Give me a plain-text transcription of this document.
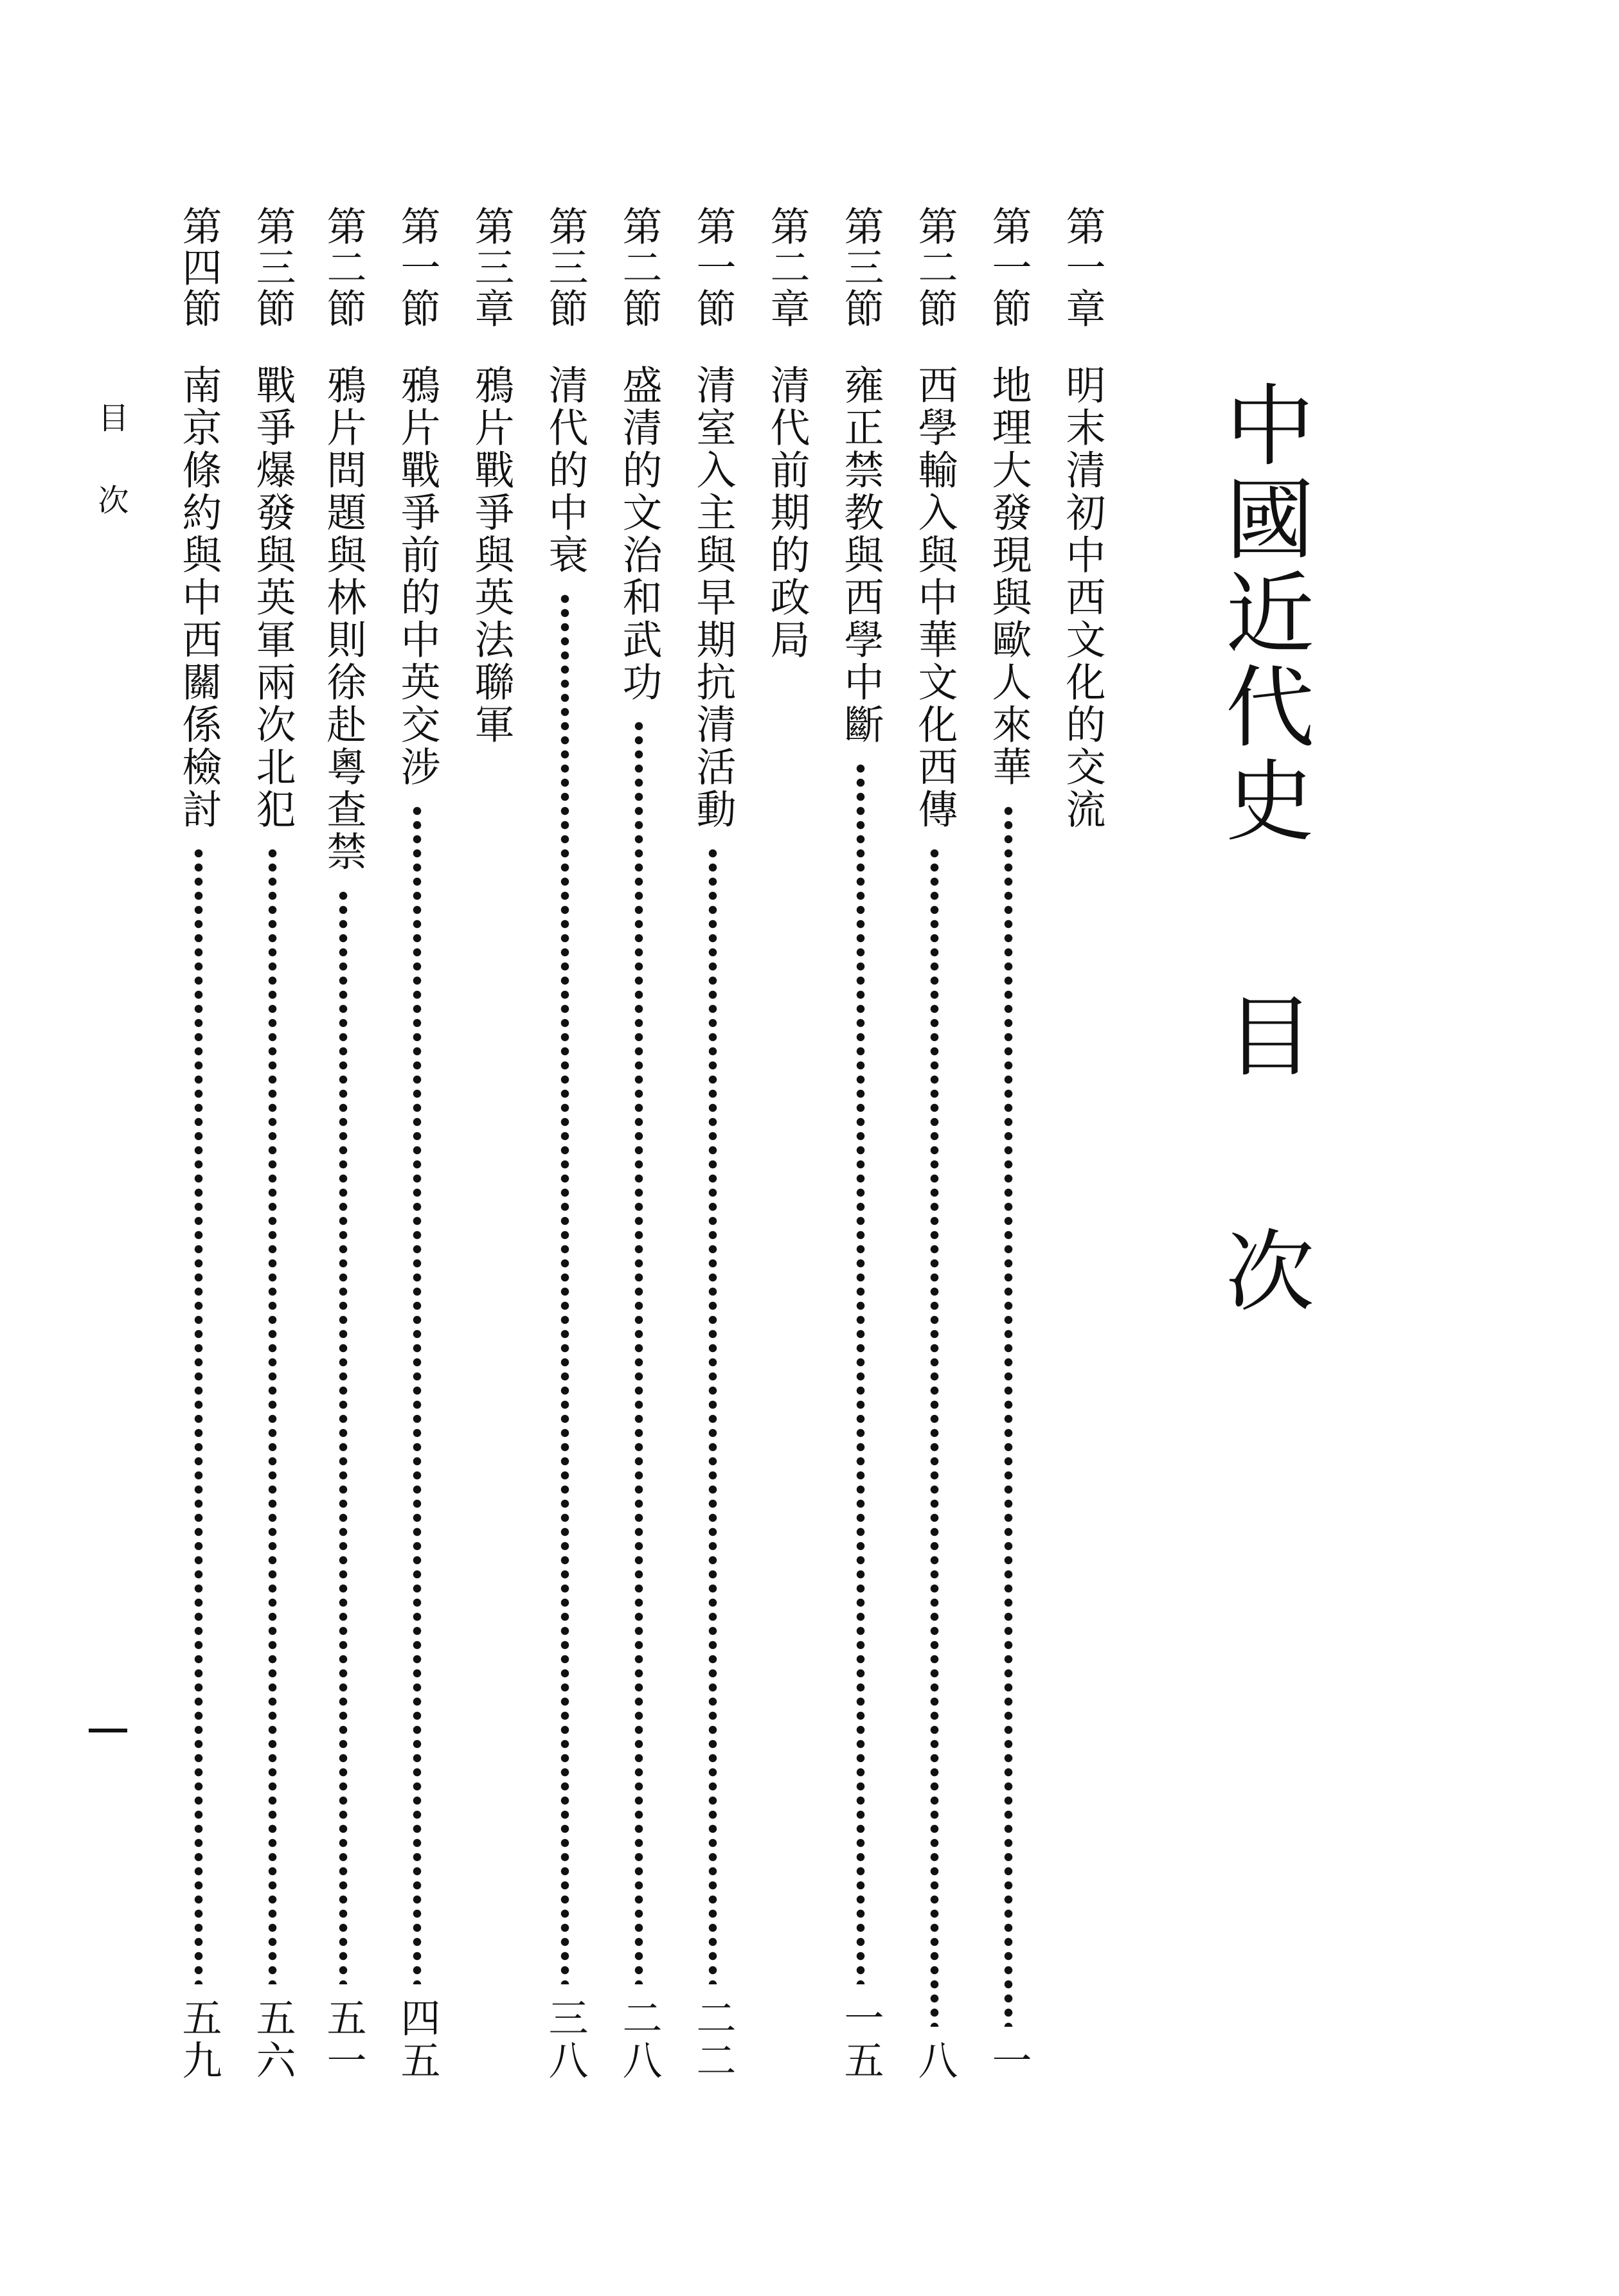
中國近代史目次
第一章明末清初中西文化的交流
第一節
地理大發現與歐人來華
一
第二節
西學輸入與中華文化西傳
八
第三節
雍正禁教與西學中斷
一五
第二章清代前期的政局
第一節
清室入主與早期抗清活動
二二
第二節
盛清的文治和武功
二八
第三節
清代的中衰
三八
第三章鴉片戰爭與英法聯軍
第一節
鴉片戰爭前的中英交涉
四五
第二節
鴉片問題與林則徐赴粵查禁
五一
第三節
戰爭爆發與英軍兩次北犯
五六
第四節
南京條約與中西關係檢討
五九
目次
